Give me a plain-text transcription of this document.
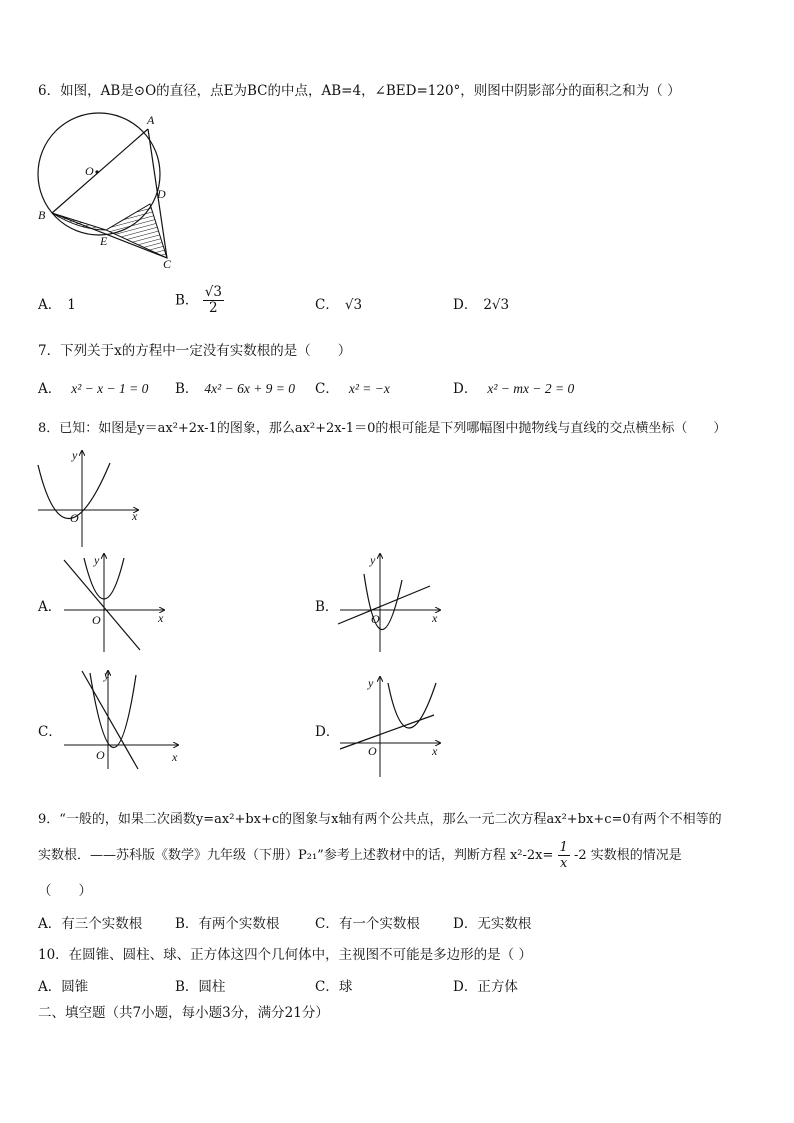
6．如图，AB是⊙O的直径，点E为BC的中点，AB=4，∠BED=120°，则图中阴影部分的面积之和为（ ）
A
O
D
B
E
C
A． 1	B． $\frac{√3}{2}$	C． √3	D． 2√3
7．下列关于x的方程中一定没有实数根的是（　　）
A． x² − x − 1 = 0 B． 4x² − 6x + 9 = 0 C． x² = −x	D． x² − mx − 2 = 0
8．已知：如图是y＝ax²+2x-1的图象，那么ax²+2x-1＝0的根可能是下列哪幅图中抛物线与直线的交点横坐标（　　）
x
y
O
A．
x
y
O
B．
x
y
O
C．
x
y
O
D．
x
y
O
9．“一般的，如果二次函数y=ax²+bx+c的图象与x轴有两个公共点，那么一元二次方程ax²+bx+c=0有两个不相等的
实数根．——苏科版《数学》九年级（下册）P₂₁”参考上述教材中的话，判断方程 $x^2-2x= \frac{1}{x} -2$ 实数根的情况是
（　　）
A．有三个实数根 B．有两个实数根	C．有一个实数根 D．无实数根
10．在圆锥、圆柱、球、正方体这四个几何体中，主视图不可能是多边形的是（ ）
A．圆锥	B．圆柱	C．球	D．正方体
二、填空题（共7小题，每小题3分，满分21分）
